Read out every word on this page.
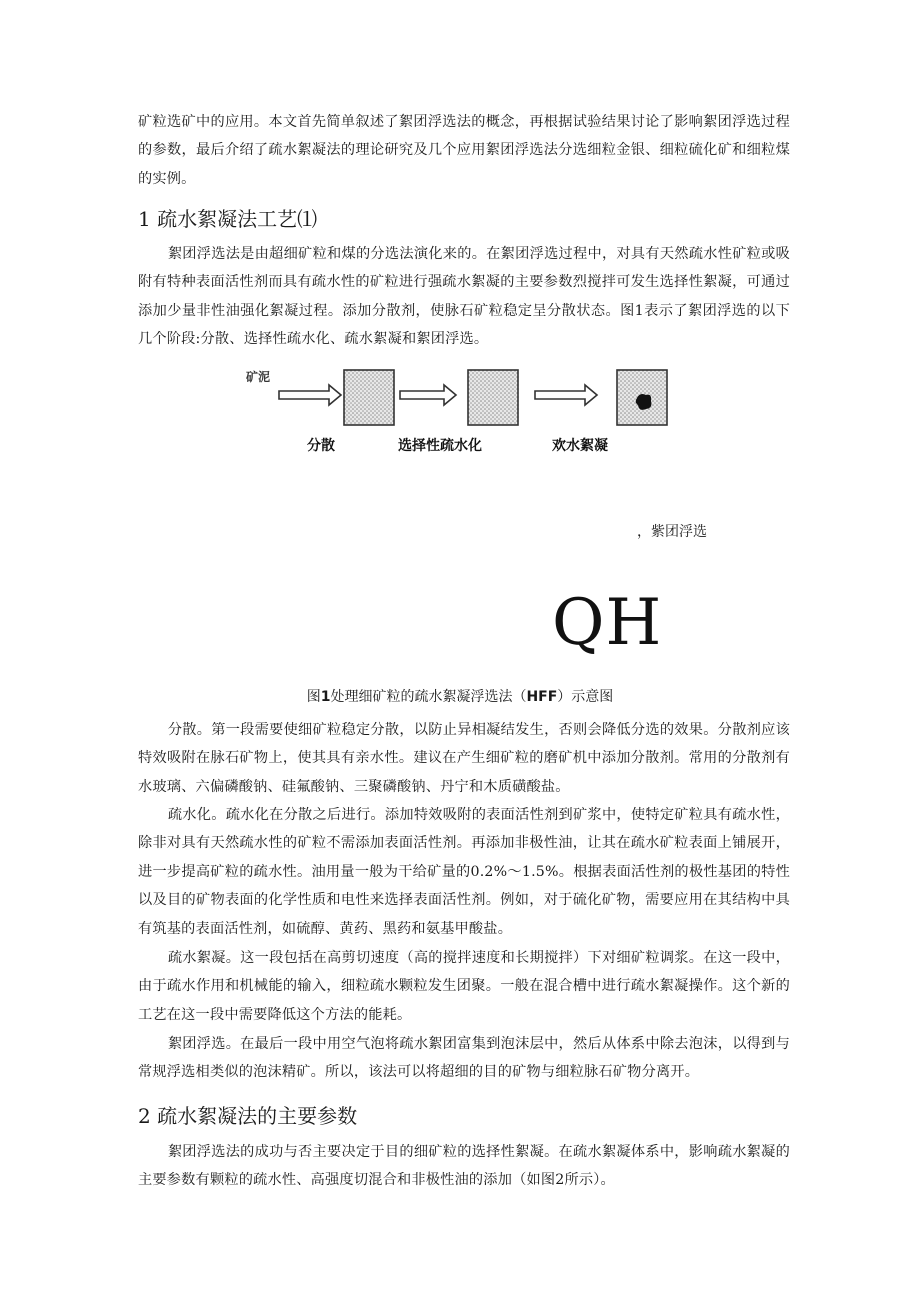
矿粒选矿中的应用。本文首先简单叙述了絮团浮选法的概念，再根据试验结果讨论了影响絮团浮选过程的参数，最后介绍了疏水絮凝法的理论研究及几个应用絮团浮选法分选细粒金银、细粒硫化矿和细粒煤的实例。

1 疏水絮凝法工艺⑴

絮团浮选法是由超细矿粒和煤的分选法演化来的。在絮团浮选过程中，对具有天然疏水性矿粒或吸附有特种表面活性剂而具有疏水性的矿粒进行强疏水絮凝的主要参数烈搅拌可发生选择性絮凝，可通过添加少量非性油强化絮凝过程。添加分散剂，使脉石矿粒稳定呈分散状态。图1表示了絮团浮选的以下几个阶段:分散、选择性疏水化、疏水絮凝和絮团浮选。

矿泥
分散	选择性疏水化	欢水絮凝
，紫团浮选
QH
图1处理细矿粒的疏水絮凝浮选法（HFF）示意图

分散。第一段需要使细矿粒稳定分散，以防止异相凝结发生，否则会降低分选的效果。分散剂应该特效吸附在脉石矿物上，使其具有亲水性。建议在产生细矿粒的磨矿机中添加分散剂。常用的分散剂有水玻璃、六偏磷酸钠、硅氟酸钠、三聚磷酸钠、丹宁和木质磺酸盐。

疏水化。疏水化在分散之后进行。添加特效吸附的表面活性剂到矿浆中，使特定矿粒具有疏水性，除非对具有天然疏水性的矿粒不需添加表面活性剂。再添加非极性油，让其在疏水矿粒表面上铺展开，进一步提高矿粒的疏水性。油用量一般为干给矿量的0.2%～1.5%。根据表面活性剂的极性基团的特性以及目的矿物表面的化学性质和电性来选择表面活性剂。例如，对于硫化矿物，需要应用在其结构中具有筑基的表面活性剂，如硫醇、黄药、黑药和氨基甲酸盐。

疏水絮凝。这一段包括在高剪切速度（高的搅拌速度和长期搅拌）下对细矿粒调浆。在这一段中，由于疏水作用和机械能的输入，细粒疏水颗粒发生团聚。一般在混合槽中进行疏水絮凝操作。这个新的工艺在这一段中需要降低这个方法的能耗。

絮团浮选。在最后一段中用空气泡将疏水絮团富集到泡沫层中，然后从体系中除去泡沫，以得到与常规浮选相类似的泡沫精矿。所以，该法可以将超细的目的矿物与细粒脉石矿物分离开。

2 疏水絮凝法的主要参数

絮团浮选法的成功与否主要决定于目的细矿粒的选择性絮凝。在疏水絮凝体系中，影响疏水絮凝的主要参数有颗粒的疏水性、高强度切混合和非极性油的添加（如图2所示）。
